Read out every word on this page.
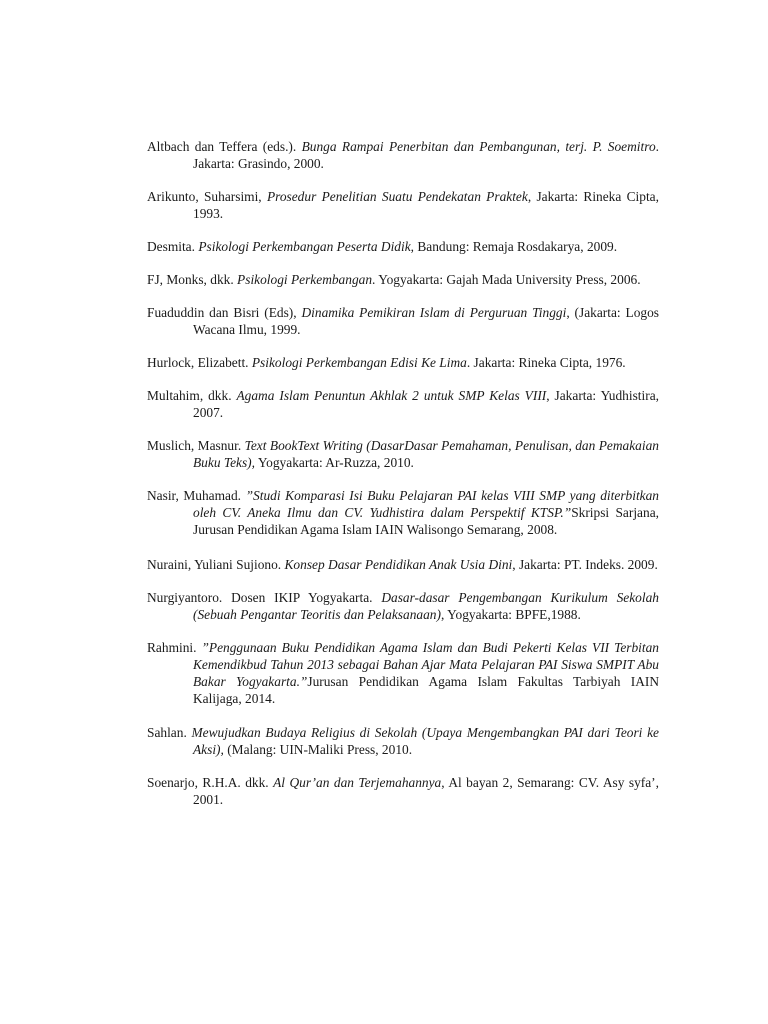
Altbach dan Teffera (eds.). Bunga Rampai Penerbitan dan Pembangunan, terj. P. Soemitro. Jakarta: Grasindo, 2000.

Arikunto, Suharsimi, Prosedur Penelitian Suatu Pendekatan Praktek, Jakarta: Rineka Cipta, 1993.

Desmita. Psikologi Perkembangan Peserta Didik, Bandung: Remaja Rosdakarya, 2009.

FJ, Monks, dkk. Psikologi Perkembangan. Yogyakarta: Gajah Mada University Press, 2006.

Fuaduddin dan Bisri (Eds), Dinamika Pemikiran Islam di Perguruan Tinggi, (Jakarta: Logos Wacana Ilmu, 1999.

Hurlock, Elizabett. Psikologi Perkembangan Edisi Ke Lima. Jakarta: Rineka Cipta, 1976.

Multahim, dkk. Agama Islam Penuntun Akhlak 2 untuk SMP Kelas VIII, Jakarta: Yudhistira, 2007.

Muslich, Masnur. Text BookText Writing (DasarDasar Pemahaman, Penulisan, dan Pemakaian Buku Teks), Yogyakarta: Ar-Ruzza, 2010.

Nasir, Muhamad. ”Studi Komparasi Isi Buku Pelajaran PAI kelas VIII SMP yang diterbitkan oleh CV. Aneka Ilmu dan CV. Yudhistira dalam Perspektif KTSP.”Skripsi Sarjana, Jurusan Pendidikan Agama Islam IAIN Walisongo Semarang, 2008.

Nuraini, Yuliani Sujiono. Konsep Dasar Pendidikan Anak Usia Dini, Jakarta: PT. Indeks. 2009.

Nurgiyantoro. Dosen IKIP Yogyakarta. Dasar-dasar Pengembangan Kurikulum Sekolah (Sebuah Pengantar Teoritis dan Pelaksanaan), Yogyakarta: BPFE,1988.

Rahmini. ”Penggunaan Buku Pendidikan Agama Islam dan Budi Pekerti Kelas VII Terbitan Kemendikbud Tahun 2013 sebagai Bahan Ajar Mata Pelajaran PAI Siswa SMPIT Abu Bakar Yogyakarta.”Jurusan Pendidikan Agama Islam Fakultas Tarbiyah IAIN Kalijaga, 2014.

Sahlan. Mewujudkan Budaya Religius di Sekolah (Upaya Mengembangkan PAI dari Teori ke Aksi), (Malang: UIN-Maliki Press, 2010.

Soenarjo, R.H.A. dkk. Al Qur’an dan Terjemahannya, Al bayan 2, Semarang: CV. Asy syfa’, 2001.
